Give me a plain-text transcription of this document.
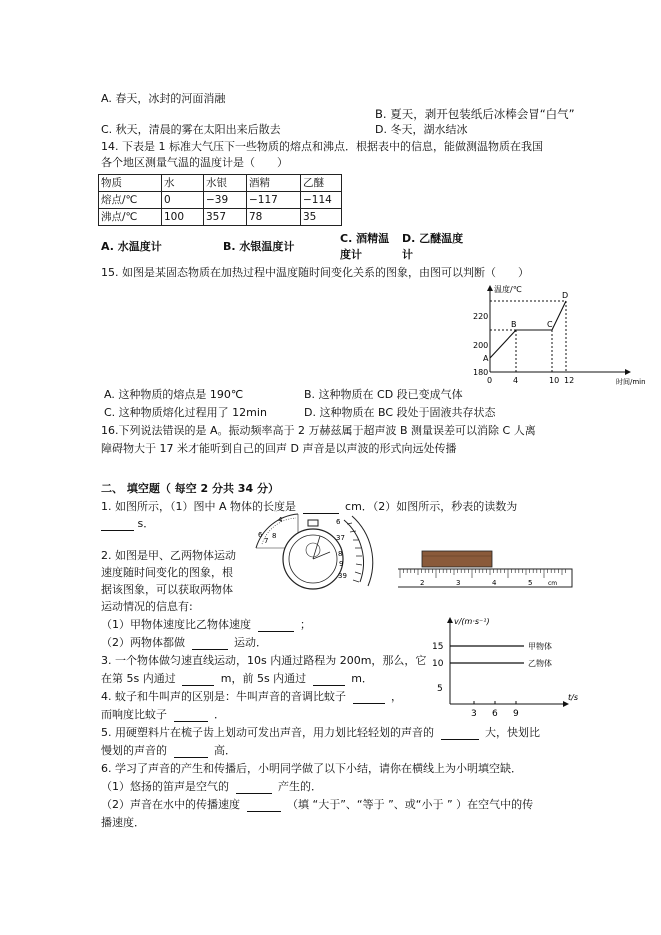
A. 春天，冰封的河面消融
B. 夏天，剥开包装纸后冰棒会冒“白气”
C. 秋天，清晨的雾在太阳出来后散去	D. 冬天，湖水结冰
14. 下表是 1 标准大气压下一些物质的熔点和沸点．根据表中的信息，能做测温物质在我国
各个地区测量气温的温度计是（　　）
物质	水	水银	酒精	乙醚
熔点/℃	0	−39	−117	−114
沸点/℃	100	357	78	35
A. 水温度计	B. 水银温度计
C. 酒精温
度计
D. 乙醚温度
计
15. 如图是某固态物质在加热过程中温度随时间变化关系的图象，由图可以判断（　　）
温度/℃
时间/min
220
200
180
0	4	10 12
A
B	C
D
A. 这种物质的熔点是 190℃	B. 这种物质在 CD 段已变成气体
C. 这种物质熔化过程用了 12min	D. 这种物质在 BC 段处于固液共存状态
16.下列说法错误的是 A。振动频率高于 2 万赫兹属于超声波 B 测量误差可以消除 C 人离
障碍物大于 17 米才能听到自己的回声 D 声音是以声波的形式向远处传播
二、 填空题（ 每空 2 分共 34 分）
1. 如图所示，（1）图中 A 物体的长度是	cm．（2）如图所示，秒表的读数为
s．	4
6
7
8
6
37
8
9
39
2	3	4	5	cm
2. 如图是甲、乙两物体运动
速度随时间变化的图象，根
据该图象，可以获取两物体
运动情况的信息有:
（1）甲物体速度比乙物体速度	；
（2）两物体都做	运动．
v/(m·s⁻¹)
t/s
15
10
5
3 6 9
甲物体
乙物体
3. 一个物体做匀速直线运动，10s 内通过路程为 200m，那么，它
在第 5s 内通过	m，前 5s 内通过	m．
4. 蚊子和牛叫声的区别是：牛叫声音的音调比蚊子	，
而响度比蚊子	．
5. 用硬塑料片在梳子齿上划动可发出声音，用力划比轻轻划的声音的	大，快划比
慢划的声音的	高．
6. 学习了声音的产生和传播后，小明同学做了以下小结，请你在横线上为小明填空缺．
（1）悠扬的笛声是空气的	产生的．
（2）声音在水中的传播速度	（填 “大于”、“等于 ”、或“小于 ” ）在空气中的传
播速度．
